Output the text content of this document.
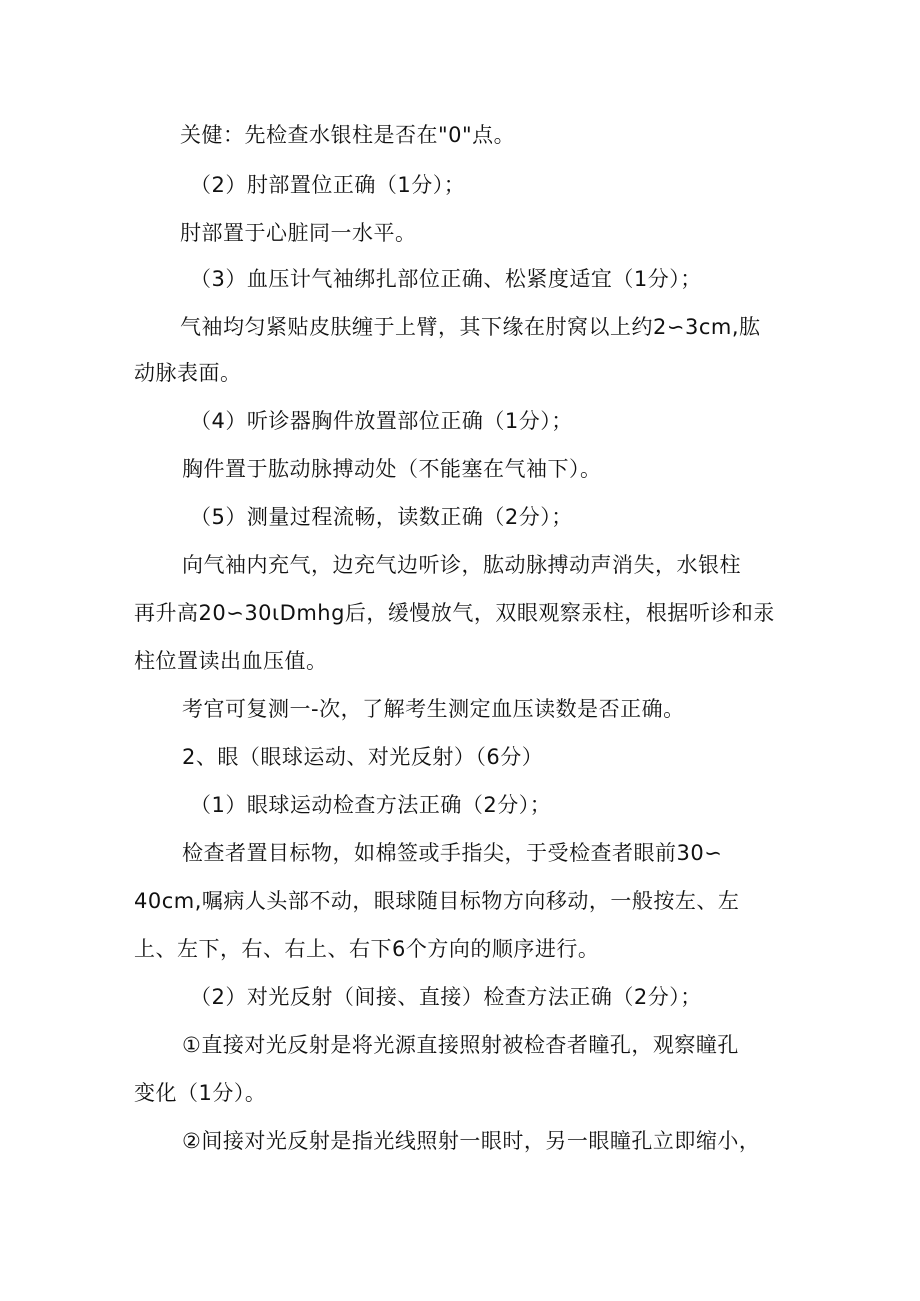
关健：先检查水银柱是否在"0"点。
（2）肘部置位正确（1分）；
肘部置于心脏同一水平。
（3）血压计气袖绑扎部位正确、松紧度适宜（1分）；
气袖均匀紧贴皮肤缠于上臂，其下缘在肘窝以上约2∽3cm,肱
动脉表面。
（4）听诊器胸件放置部位正确（1分）；
胸件置于肱动脉搏动处（不能塞在气袖下）。
（5）测量过程流畅，读数正确（2分）；
向气袖内充气，边充气边听诊，肱动脉搏动声消失，水银柱
再升高20∽30ιDmhg后，缓慢放气，双眼观察汞柱，根据听诊和汞
柱位置读出血压值。
考官可复测一-次，了解考生测定血压读数是否正确。
2、眼（眼球运动、对光反射）（6分）
（1）眼球运动检查方法正确（2分）；
检查者置目标物，如棉签或手指尖，于受检查者眼前30∽
40cm,嘱病人头部不动，眼球随目标物方向移动，一般按左、左
上、左下，右、右上、右下6个方向的顺序进行。
（2）对光反射（间接、直接）检查方法正确（2分）；
①直接对光反射是将光源直接照射被检杳者瞳孔，观察瞳孔
变化（1分）。
②间接对光反射是指光线照射一眼时，另一眼瞳孔立即缩小，
